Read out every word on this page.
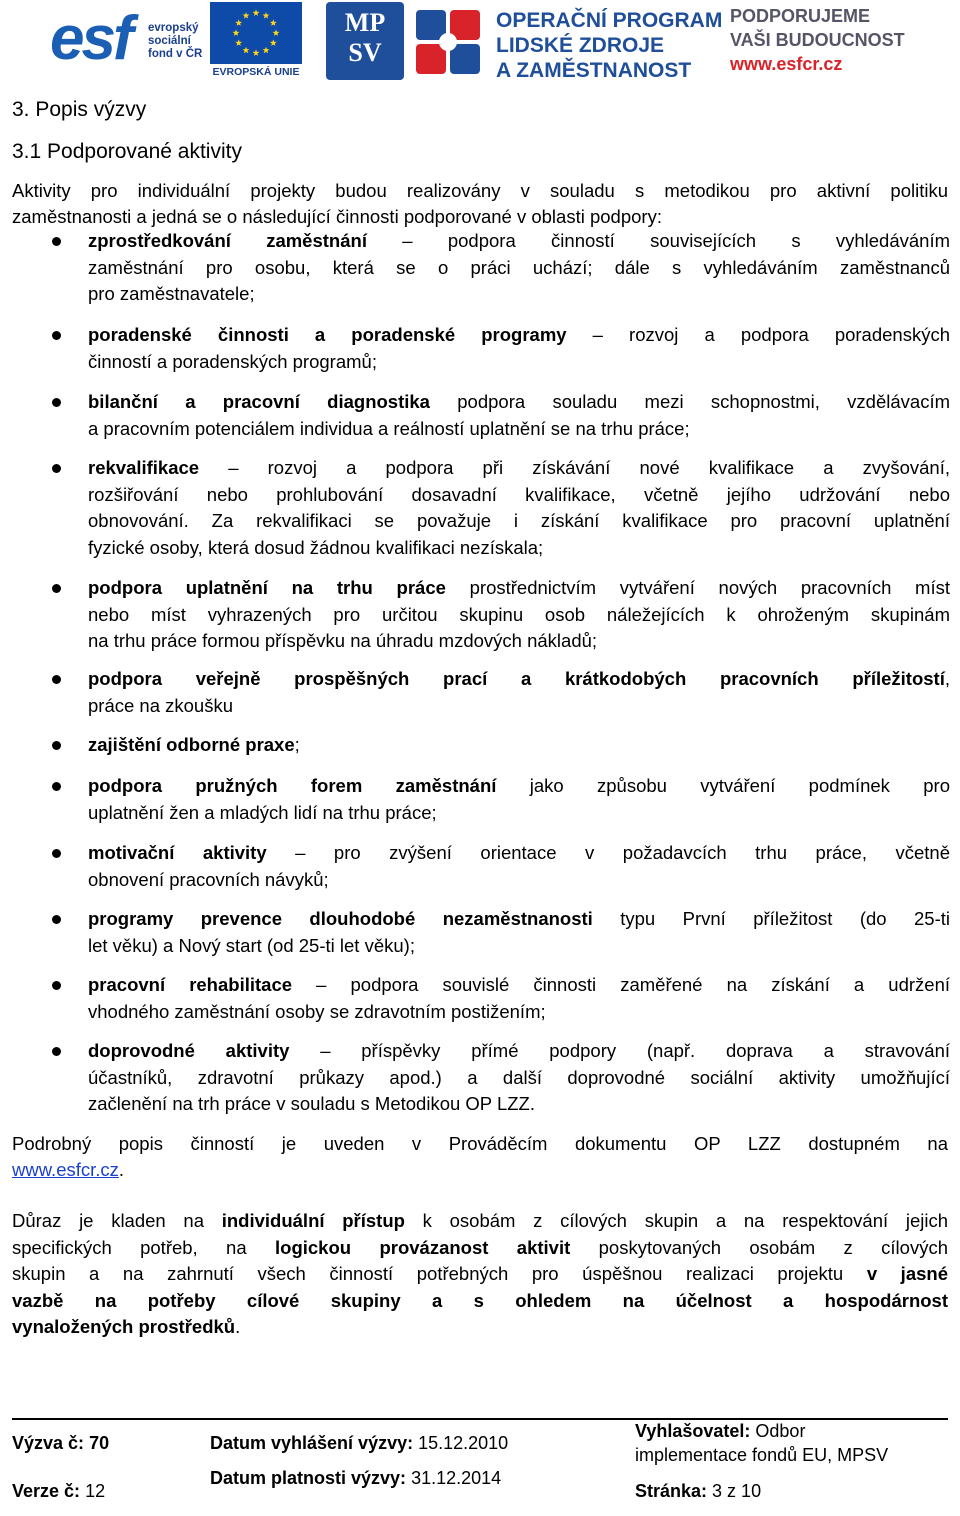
esf evropský sociální fond v ČR
EVROPSKÁ UNIE
MP SV
OPERAČNÍ PROGRAM
LIDSKÉ ZDROJE
A ZAMĚSTNANOST
PODPORUJEME
VAŠI BUDOUCNOST
www.esfcr.cz
3. Popis výzvy
3.1 Podporované aktivity
Aktivity pro individuální projekty budou realizovány v souladu s metodikou pro aktivní politiku
zaměstnanosti a jedná se o následující činnosti podporované v oblasti podpory:
zprostředkování zaměstnání – podpora činností souvisejících s vyhledáváním
zaměstnání pro osobu, která se o práci uchází; dále s vyhledáváním zaměstnanců
pro zaměstnavatele;
poradenské činnosti a poradenské programy – rozvoj a podpora poradenských
činností a poradenských programů;
bilanční a pracovní diagnostika podpora souladu mezi schopnostmi, vzdělávacím
a pracovním potenciálem individua a reálností uplatnění se na trhu práce;
rekvalifikace – rozvoj a podpora při získávání nové kvalifikace a zvyšování,
rozšiřování nebo prohlubování dosavadní kvalifikace, včetně jejího udržování nebo
obnovování. Za rekvalifikaci se považuje i získání kvalifikace pro pracovní uplatnění
fyzické osoby, která dosud žádnou kvalifikaci nezískala;
podpora uplatnění na trhu práce prostřednictvím vytváření nových pracovních míst
nebo míst vyhrazených pro určitou skupinu osob náležejících k ohroženým skupinám
na trhu práce formou příspěvku na úhradu mzdových nákladů;
podpora veřejně prospěšných prací a krátkodobých pracovních příležitostí,
práce na zkoušku
zajištění odborné praxe;
podpora pružných forem zaměstnání jako způsobu vytváření podmínek pro
uplatnění žen a mladých lidí na trhu práce;
motivační aktivity – pro zvýšení orientace v požadavcích trhu práce, včetně
obnovení pracovních návyků;
programy prevence dlouhodobé nezaměstnanosti typu První příležitost (do 25-ti
let věku) a Nový start (od 25-ti let věku);
pracovní rehabilitace – podpora souvislé činnosti zaměřené na získání a udržení
vhodného zaměstnání osoby se zdravotním postižením;
doprovodné aktivity – příspěvky přímé podpory (např. doprava a stravování
účastníků, zdravotní průkazy apod.) a další doprovodné sociální aktivity umožňující
začlenění na trh práce v souladu s Metodikou OP LZZ.
Podrobný popis činností je uveden v Prováděcím dokumentu OP LZZ dostupném na
www.esfcr.cz.
Důraz je kladen na individuální přístup k osobám z cílových skupin a na respektování jejich
specifických potřeb, na logickou provázanost aktivit poskytovaných osobám z cílových
skupin a na zahrnutí všech činností potřebných pro úspěšnou realizaci projektu v jasné
vazbě na potřeby cílové skupiny a s ohledem na účelnost a hospodárnost
vynaložených prostředků.
Výzva č: 70
Verze č: 12
Datum vyhlášení výzvy: 15.12.2010
Datum platnosti výzvy: 31.12.2014
Vyhlašovatel: Odbor
implementace fondů EU, MPSV
Stránka: 3 z 10
